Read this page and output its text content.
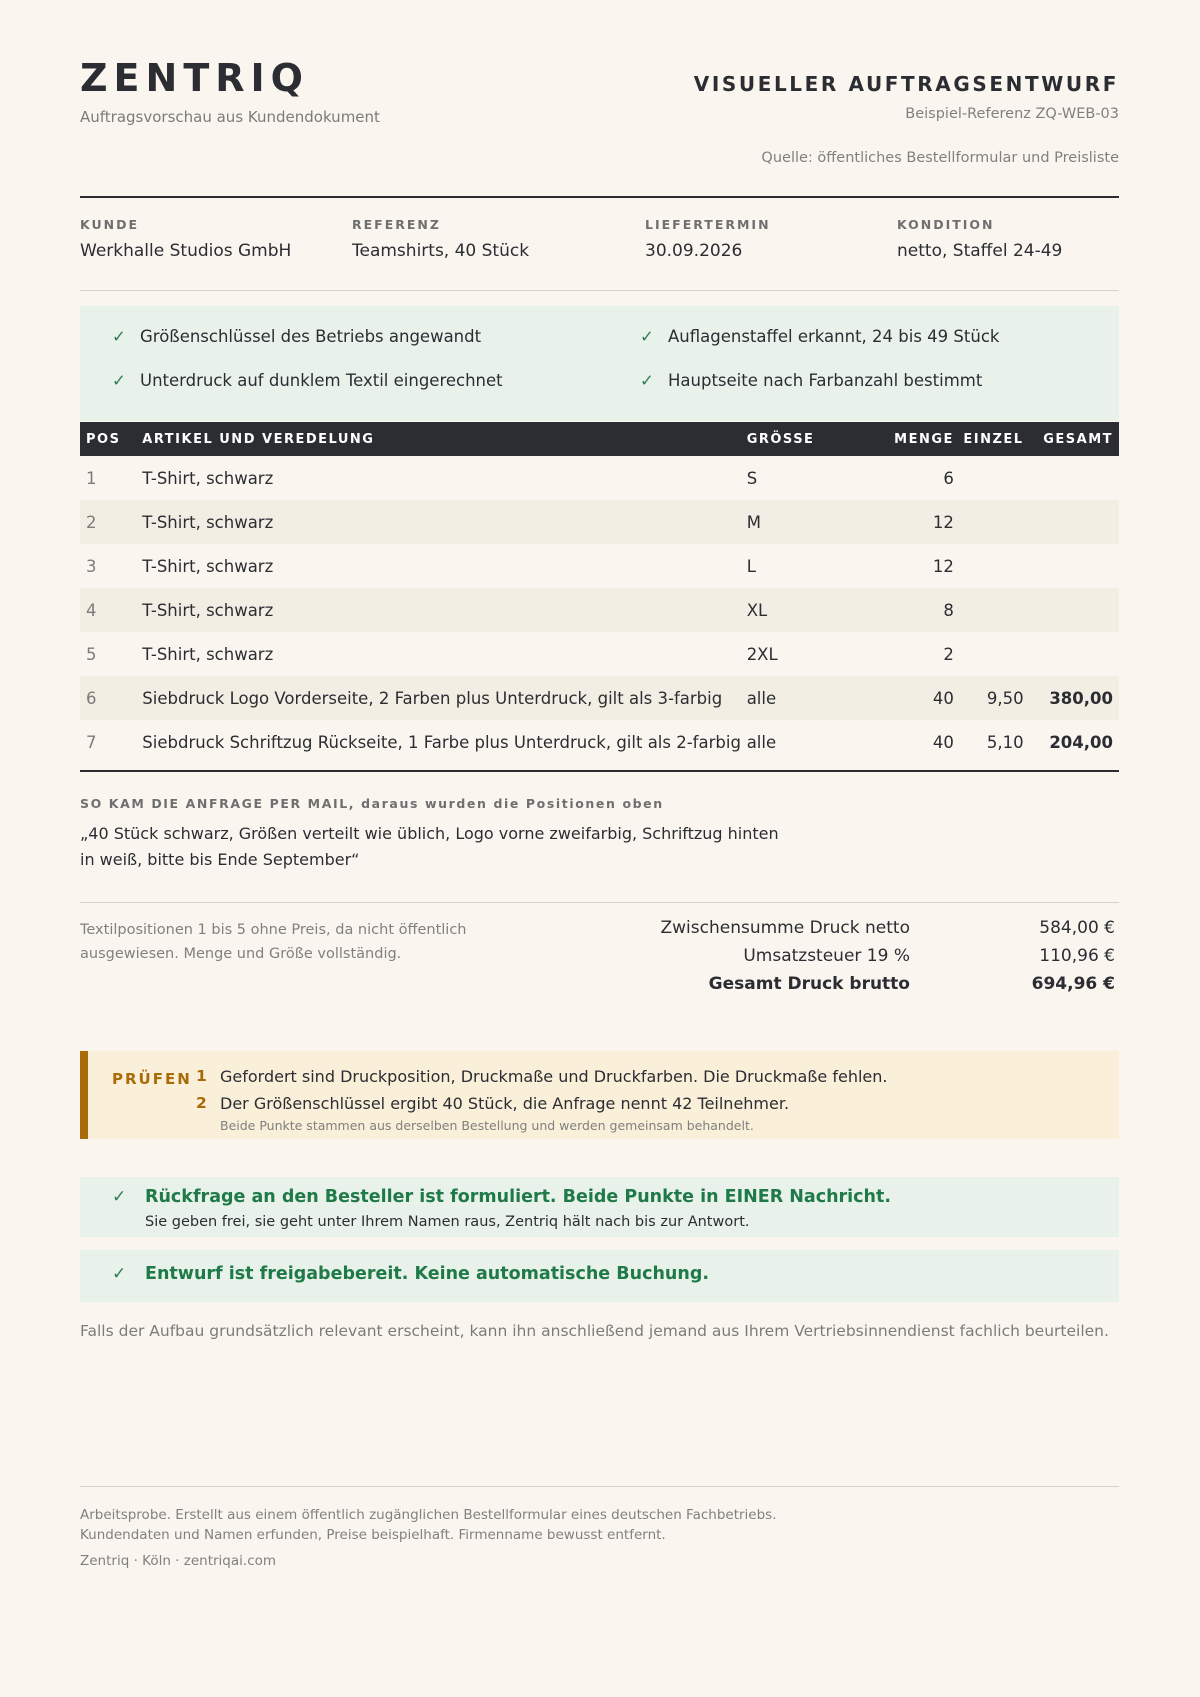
ZENTRIQ
Auftragsvorschau aus Kundendokument
VISUELLER AUFTRAGSENTWURF
Beispiel-Referenz ZQ-WEB-03
Quelle: öffentliches Bestellformular und Preisliste
KUNDE
Werkhalle Studios GmbH
REFERENZ
Teamshirts, 40 Stück
LIEFERTERMIN
30.09.2026
KONDITION
netto, Staffel 24-49
✓ Größenschlüssel des Betriebs angewandt	✓ Auflagenstaffel erkannt, 24 bis 49 Stück
✓ Unterdruck auf dunklem Textil eingerechnet	✓ Hauptseite nach Farbanzahl bestimmt
POS	ARTIKEL UND VEREDELUNG	GRÖSSE	MENGE	EINZEL	GESAMT
1	T-Shirt, schwarz	S	6		
2	T-Shirt, schwarz	M	12		
3	T-Shirt, schwarz	L	12		
4	T-Shirt, schwarz	XL	8		
5	T-Shirt, schwarz	2XL	2		
6	Siebdruck Logo Vorderseite, 2 Farben plus Unterdruck, gilt als 3-farbig	alle	40	9,50	380,00
7	Siebdruck Schriftzug Rückseite, 1 Farbe plus Unterdruck, gilt als 2-farbig	alle	40	5,10	204,00
SO KAM DIE ANFRAGE PER MAIL, daraus wurden die Positionen oben
„40 Stück schwarz, Größen verteilt wie üblich, Logo vorne zweifarbig, Schriftzug hinten in weiß, bitte bis Ende September“
Textilpositionen 1 bis 5 ohne Preis, da nicht öffentlich ausgewiesen. Menge und Größe vollständig.
Zwischensumme Druck netto	584,00 €
Umsatzsteuer 19 %	110,96 €
Gesamt Druck brutto	694,96 €
PRÜFEN 1 Gefordert sind Druckposition, Druckmaße und Druckfarben. Die Druckmaße fehlen.
2 Der Größenschlüssel ergibt 40 Stück, die Anfrage nennt 42 Teilnehmer.
Beide Punkte stammen aus derselben Bestellung und werden gemeinsam behandelt.
✓ Rückfrage an den Besteller ist formuliert. Beide Punkte in EINER Nachricht.
Sie geben frei, sie geht unter Ihrem Namen raus, Zentriq hält nach bis zur Antwort.
✓ Entwurf ist freigabebereit. Keine automatische Buchung.
Falls der Aufbau grundsätzlich relevant erscheint, kann ihn anschließend jemand aus Ihrem Vertriebsinnendienst fachlich beurteilen.
Arbeitsprobe. Erstellt aus einem öffentlich zugänglichen Bestellformular eines deutschen Fachbetriebs.
Kundendaten und Namen erfunden, Preise beispielhaft. Firmenname bewusst entfernt.
Zentriq · Köln · zentriqai.com
